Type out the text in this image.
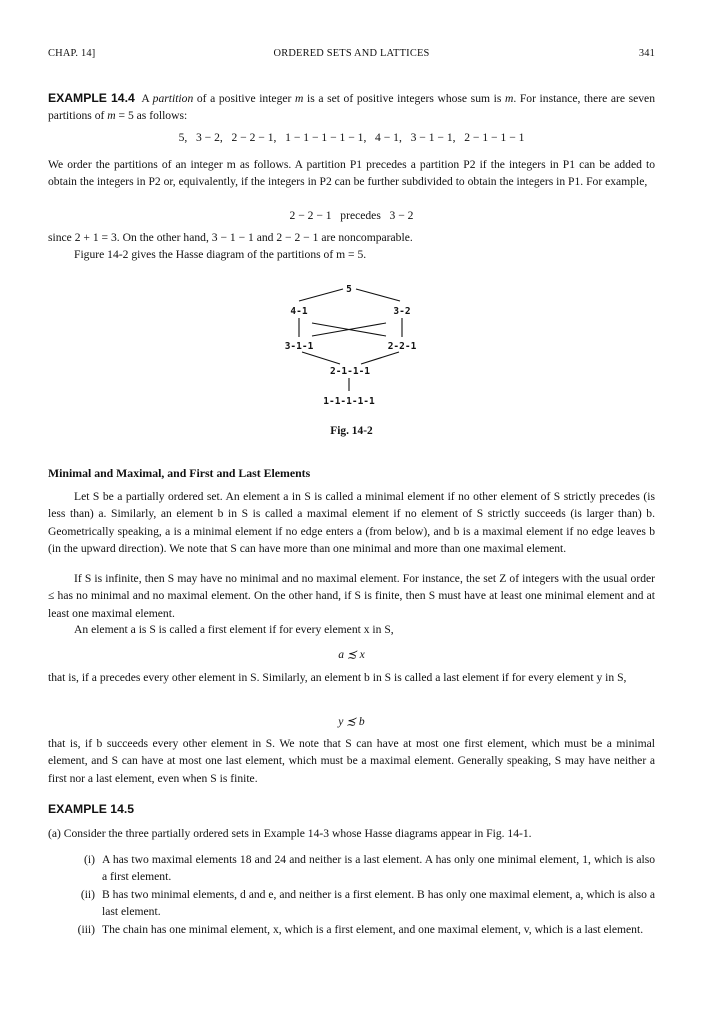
CHAP. 14]	ORDERED SETS AND LATTICES	341

EXAMPLE 14.4 A partition of a positive integer m is a set of positive integers whose sum is m. For instance, there are seven partitions of m = 5 as follows:

5,   3 − 2,   2 − 2 − 1,   1 − 1 − 1 − 1 − 1,   4 − 1,   3 − 1 − 1,   2 − 1 − 1 − 1

We order the partitions of an integer m as follows. A partition P1 precedes a partition P2 if the integers in P1 can be added to obtain the integers in P2 or, equivalently, if the integers in P2 can be further subdivided to obtain the integers in P1. For example,

2 − 2 − 1   precedes   3 − 2

since 2 + 1 = 3. On the other hand, 3 − 1 − 1 and 2 − 2 − 1 are noncomparable.

Figure 14-2 gives the Hasse diagram of the partitions of m = 5.

5
4-1	3-2
3-1-1	2-2-1
2-1-1-1
1-1-1-1-1
Fig. 14-2
Minimal and Maximal, and First and Last Elements

Let S be a partially ordered set. An element a in S is called a minimal element if no other element of S strictly precedes (is less than) a. Similarly, an element b in S is called a maximal element if no element of S strictly succeeds (is larger than) b. Geometrically speaking, a is a minimal element if no edge enters a (from below), and b is a maximal element if no edge leaves b (in the upward direction). We note that S can have more than one minimal and more than one maximal element.

If S is infinite, then S may have no minimal and no maximal element. For instance, the set Z of integers with the usual order ≤ has no minimal and no maximal element. On the other hand, if S is finite, then S must have at least one minimal element and at least one maximal element.

An element a is S is called a first element if for every element x in S,

a ≾ x

that is, if a precedes every other element in S. Similarly, an element b in S is called a last element if for every element y in S,

y ≾ b

that is, if b succeeds every other element in S. We note that S can have at most one first element, which must be a minimal element, and S can have at most one last element, which must be a maximal element. Generally speaking, S may have neither a first nor a last element, even when S is finite.

EXAMPLE 14.5

(a) Consider the three partially ordered sets in Example 14-3 whose Hasse diagrams appear in Fig. 14-1.

(i) A has two maximal elements 18 and 24 and neither is a last element. A has only one minimal element, 1, which is also a first element.

(ii) B has two minimal elements, d and e, and neither is a first element. B has only one maximal element, a, which is also a last element.

(iii) The chain has one minimal element, x, which is a first element, and one maximal element, v, which is a last element.
